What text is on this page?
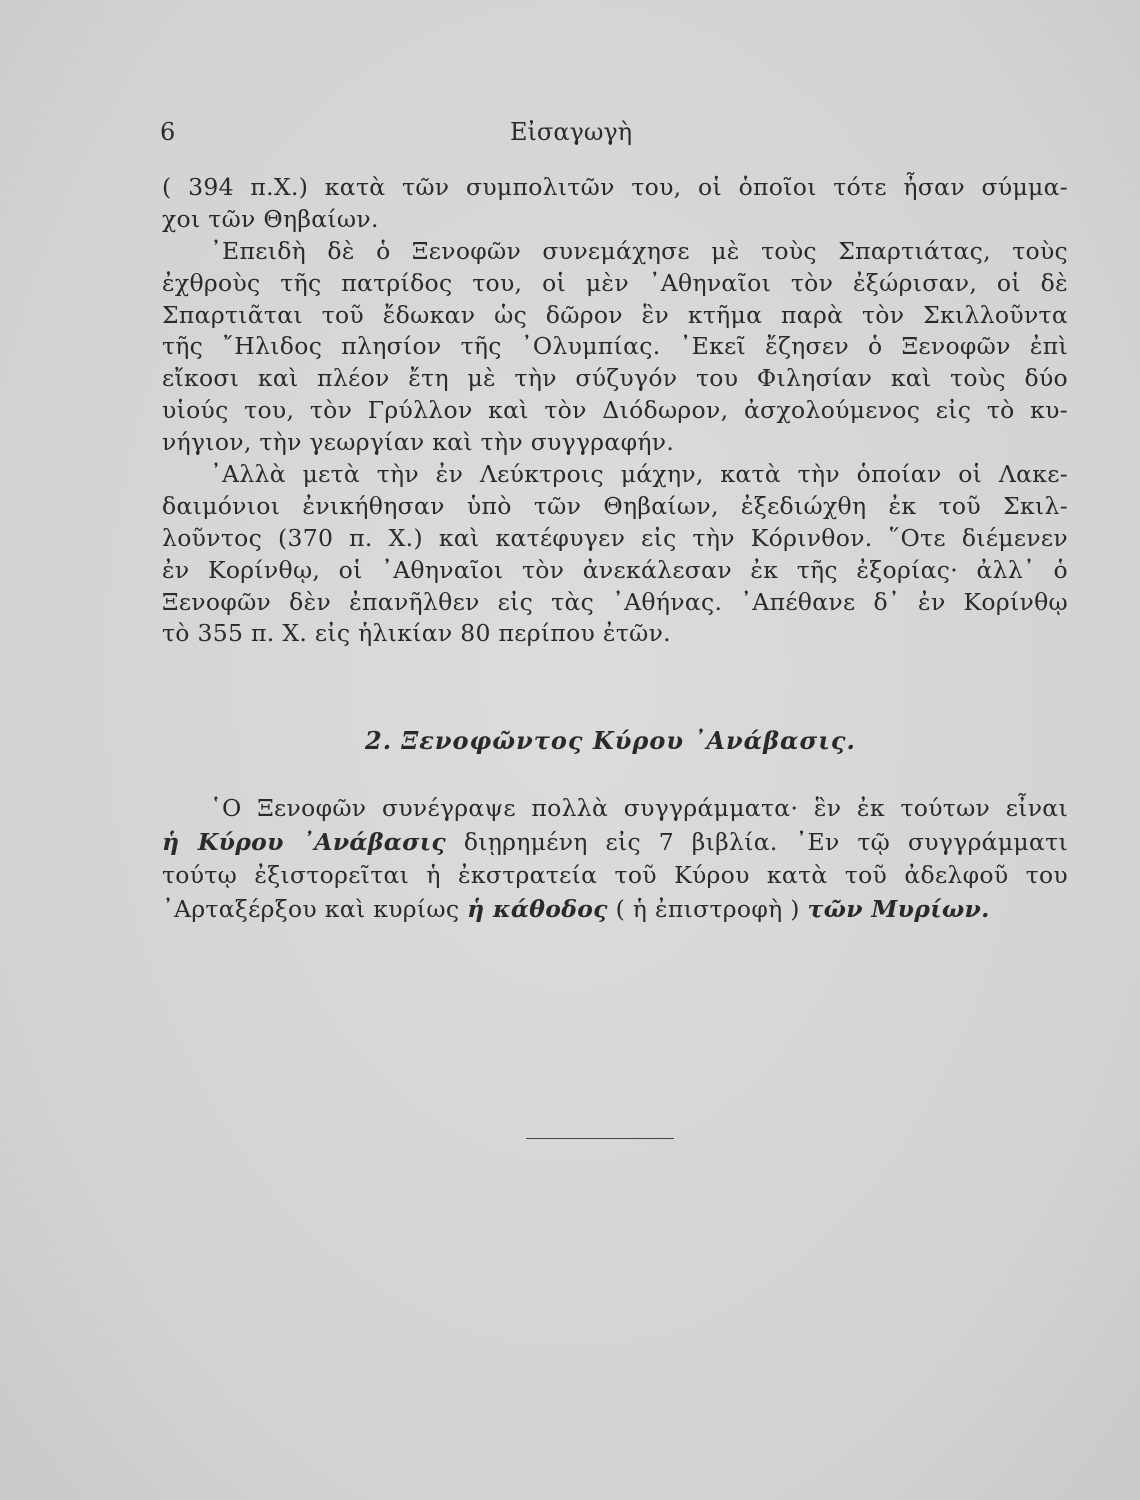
6	Εἰσαγωγὴ
( 394 π.Χ.) κατὰ τῶν συμπολιτῶν του, οἱ ὁποῖοι τότε ἦσαν σύμμα-
χοι τῶν Θηβαίων.
᾿Επειδὴ δὲ ὁ Ξενοφῶν συνεμάχησε μὲ τοὺς Σπαρτιάτας, τοὺς
ἐχθροὺς τῆς πατρίδος του, οἱ μὲν ᾿Αθηναῖοι τὸν ἐξώρισαν, οἱ δὲ
Σπαρτιᾶται τοῦ ἔδωκαν ὡς δῶρον ἓν κτῆμα παρὰ τὸν Σκιλλοῦντα
τῆς ῎Ηλιδος πλησίον τῆς ᾿Ολυμπίας. ᾿Εκεῖ ἔζησεν ὁ Ξενοφῶν ἐπὶ
εἴκοσι καὶ πλέον ἔτη μὲ τὴν σύζυγόν του Φιλησίαν καὶ τοὺς δύο
υἱούς του, τὸν Γρύλλον καὶ τὸν Διόδωρον, ἀσχολούμενος εἰς τὸ κυ-
νήγιον, τὴν γεωργίαν καὶ τὴν συγγραφήν.
᾿Αλλὰ μετὰ τὴν ἐν Λεύκτροις μάχην, κατὰ τὴν ὁποίαν οἱ Λακε-
δαιμόνιοι ἐνικήθησαν ὑπὸ τῶν Θηβαίων, ἐξεδιώχθη ἐκ τοῦ Σκιλ-
λοῦντος (370 π. Χ.) καὶ κατέφυγεν εἰς τὴν Κόρινθον. ῞Οτε διέμενεν
ἐν Κορίνθῳ, οἱ ᾿Αθηναῖοι τὸν ἀνεκάλεσαν ἐκ τῆς ἐξορίας· ἀλλ᾿ ὁ
Ξενοφῶν δὲν ἐπανῆλθεν εἰς τὰς ᾿Αθήνας. ᾿Απέθανε δ᾿ ἐν Κορίνθῳ
τὸ 355 π. Χ. εἰς ἡλικίαν 80 περίπου ἐτῶν.
2. Ξενοφῶντος Κύρου ᾿Ανάβασις.
῾Ο Ξενοφῶν συνέγραψε πολλὰ συγγράμματα· ἓν ἐκ τούτων εἶναι
ἡ Κύρου ᾿Ανάβασις διῃρημένη εἰς 7 βιβλία. ᾿Εν τῷ συγγράμματι
τούτῳ ἐξιστορεῖται ἡ ἐκστρατεία τοῦ Κύρου κατὰ τοῦ ἀδελφοῦ του
᾿Αρταξέρξου καὶ κυρίως ἡ κάθοδος ( ἡ ἐπιστροφὴ ) τῶν Μυρίων.
